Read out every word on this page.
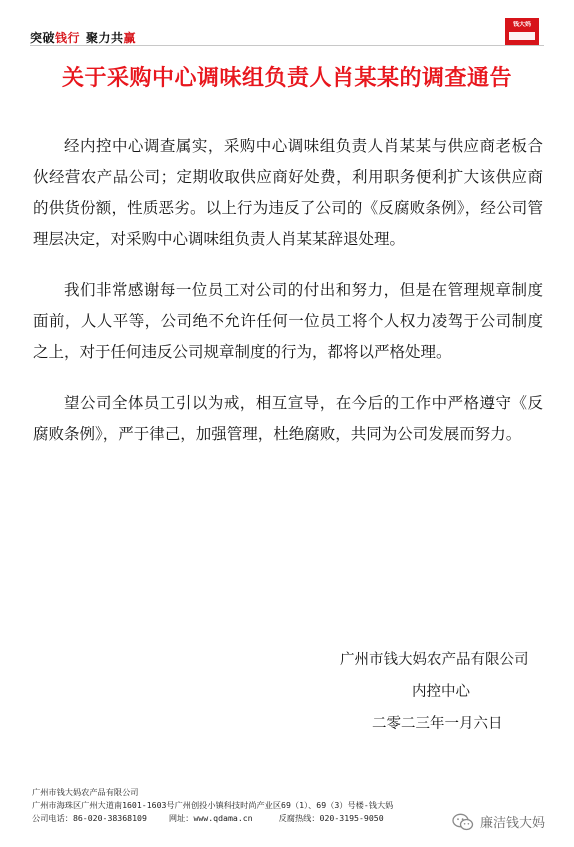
突破钱行 聚力共赢
钱大妈
关于采购中心调味组负责人肖某某的调查通告

经内控中心调查属实，采购中心调味组负责人肖某某与供应商老板合伙经营农产品公司；定期收取供应商好处费，利用职务便利扩大该供应商的供货份额，性质恶劣。以上行为违反了公司的《反腐败条例》，经公司管理层决定，对采购中心调味组负责人肖某某辞退处理。

我们非常感谢每一位员工对公司的付出和努力，但是在管理规章制度面前，人人平等，公司绝不允许任何一位员工将个人权力凌驾于公司制度之上，对于任何违反公司规章制度的行为，都将以严格处理。

望公司全体员工引以为戒，相互宣导，在今后的工作中严格遵守《反腐败条例》，严于律己，加强管理，杜绝腐败，共同为公司发展而努力。

广州市钱大妈农产品有限公司
内控中心
二零二三年一月六日
广州市钱大妈农产品有限公司
广州市海珠区广州大道南1601-1603号广州创投小镇科技时尚产业区69（1）、69（3）号楼-钱大妈
公司电话：86-020-38368109	网址：www.qdama.cn	反腐热线：020-3195-9050	廉洁钱大妈
